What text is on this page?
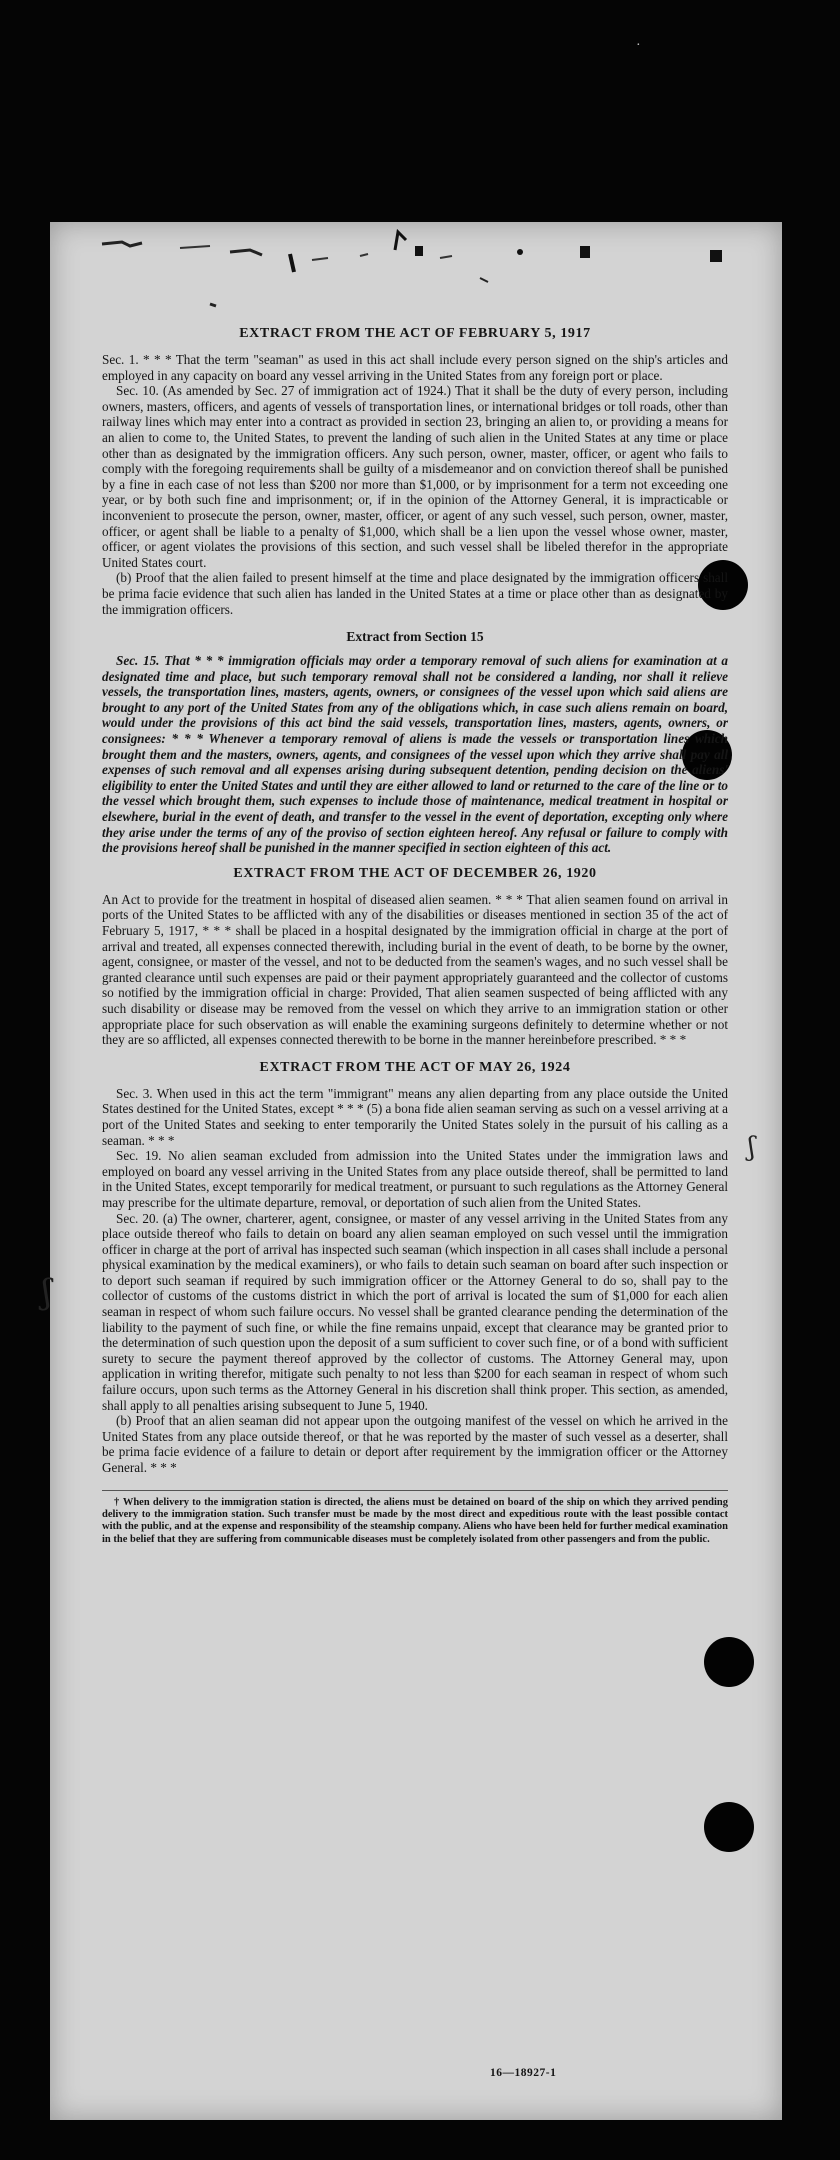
ʃ
ʃ
EXTRACT FROM THE ACT OF FEBRUARY 5, 1917

Sec. 1. * * * That the term "seaman" as used in this act shall include every person signed on the ship's articles and employed in any capacity on board any vessel arriving in the United States from any foreign port or place.

Sec. 10. (As amended by Sec. 27 of immigration act of 1924.) That it shall be the duty of every person, including owners, masters, officers, and agents of vessels of transportation lines, or international bridges or toll roads, other than railway lines which may enter into a contract as provided in section 23, bringing an alien to, or providing a means for an alien to come to, the United States, to prevent the landing of such alien in the United States at any time or place other than as designated by the immigration officers. Any such person, owner, master, officer, or agent who fails to comply with the foregoing requirements shall be guilty of a misdemeanor and on conviction thereof shall be punished by a fine in each case of not less than $200 nor more than $1,000, or by imprisonment for a term not exceeding one year, or by both such fine and imprisonment; or, if in the opinion of the Attorney General, it is impracticable or inconvenient to prosecute the person, owner, master, officer, or agent of any such vessel, such person, owner, master, officer, or agent shall be liable to a penalty of $1,000, which shall be a lien upon the vessel whose owner, master, officer, or agent violates the provisions of this section, and such vessel shall be libeled therefor in the appropriate United States court.

(b) Proof that the alien failed to present himself at the time and place designated by the immigration officers shall be prima facie evidence that such alien has landed in the United States at a time or place other than as designated by the immigration officers.

Extract from Section 15

Sec. 15. That * * * immigration officials may order a temporary removal of such aliens for examination at a designated time and place, but such temporary removal shall not be considered a landing, nor shall it relieve vessels, the transportation lines, masters, agents, owners, or consignees of the vessel upon which said aliens are brought to any port of the United States from any of the obligations which, in case such aliens remain on board, would under the provisions of this act bind the said vessels, transportation lines, masters, agents, owners, or consignees: * * * Whenever a temporary removal of aliens is made the vessels or transportation lines which brought them and the masters, owners, agents, and consignees of the vessel upon which they arrive shall pay all expenses of such removal and all expenses arising during subsequent detention, pending decision on the aliens' eligibility to enter the United States and until they are either allowed to land or returned to the care of the line or to the vessel which brought them, such expenses to include those of maintenance, medical treatment in hospital or elsewhere, burial in the event of death, and transfer to the vessel in the event of deportation, excepting only where they arise under the terms of any of the proviso of section eighteen hereof. Any refusal or failure to comply with the provisions hereof shall be punished in the manner specified in section eighteen of this act.

EXTRACT FROM THE ACT OF DECEMBER 26, 1920

An Act to provide for the treatment in hospital of diseased alien seamen. * * * That alien seamen found on arrival in ports of the United States to be afflicted with any of the disabilities or diseases mentioned in section 35 of the act of February 5, 1917, * * * shall be placed in a hospital designated by the immigration official in charge at the port of arrival and treated, all expenses connected therewith, including burial in the event of death, to be borne by the owner, agent, consignee, or master of the vessel, and not to be deducted from the seamen's wages, and no such vessel shall be granted clearance until such expenses are paid or their payment appropriately guaranteed and the collector of customs so notified by the immigration official in charge: Provided, That alien seamen suspected of being afflicted with any such disability or disease may be removed from the vessel on which they arrive to an immigration station or other appropriate place for such observation as will enable the examining surgeons definitely to determine whether or not they are so afflicted, all expenses connected therewith to be borne in the manner hereinbefore prescribed. * * *

EXTRACT FROM THE ACT OF MAY 26, 1924

Sec. 3. When used in this act the term "immigrant" means any alien departing from any place outside the United States destined for the United States, except * * * (5) a bona fide alien seaman serving as such on a vessel arriving at a port of the United States and seeking to enter temporarily the United States solely in the pursuit of his calling as a seaman. * * *

Sec. 19. No alien seaman excluded from admission into the United States under the immigration laws and employed on board any vessel arriving in the United States from any place outside thereof, shall be permitted to land in the United States, except temporarily for medical treatment, or pursuant to such regulations as the Attorney General may prescribe for the ultimate departure, removal, or deportation of such alien from the United States.

Sec. 20. (a) The owner, charterer, agent, consignee, or master of any vessel arriving in the United States from any place outside thereof who fails to detain on board any alien seaman employed on such vessel until the immigration officer in charge at the port of arrival has inspected such seaman (which inspection in all cases shall include a personal physical examination by the medical examiners), or who fails to detain such seaman on board after such inspection or to deport such seaman if required by such immigration officer or the Attorney General to do so, shall pay to the collector of customs of the customs district in which the port of arrival is located the sum of $1,000 for each alien seaman in respect of whom such failure occurs. No vessel shall be granted clearance pending the determination of the liability to the payment of such fine, or while the fine remains unpaid, except that clearance may be granted prior to the determination of such question upon the deposit of a sum sufficient to cover such fine, or of a bond with sufficient surety to secure the payment thereof approved by the collector of customs. The Attorney General may, upon application in writing therefor, mitigate such penalty to not less than $200 for each seaman in respect of whom such failure occurs, upon such terms as the Attorney General in his discretion shall think proper. This section, as amended, shall apply to all penalties arising subsequent to June 5, 1940.

(b) Proof that an alien seaman did not appear upon the outgoing manifest of the vessel on which he arrived in the United States from any place outside thereof, or that he was reported by the master of such vessel as a deserter, shall be prima facie evidence of a failure to detain or deport after requirement by the immigration officer or the Attorney General. * * *

† When delivery to the immigration station is directed, the aliens must be detained on board of the ship on which they arrived pending delivery to the immigration station. Such transfer must be made by the most direct and expeditious route with the least possible contact with the public, and at the expense and responsibility of the steamship company. Aliens who have been held for further medical examination in the belief that they are suffering from communicable diseases must be completely isolated from other passengers and from the public.
16—18927-1
·
